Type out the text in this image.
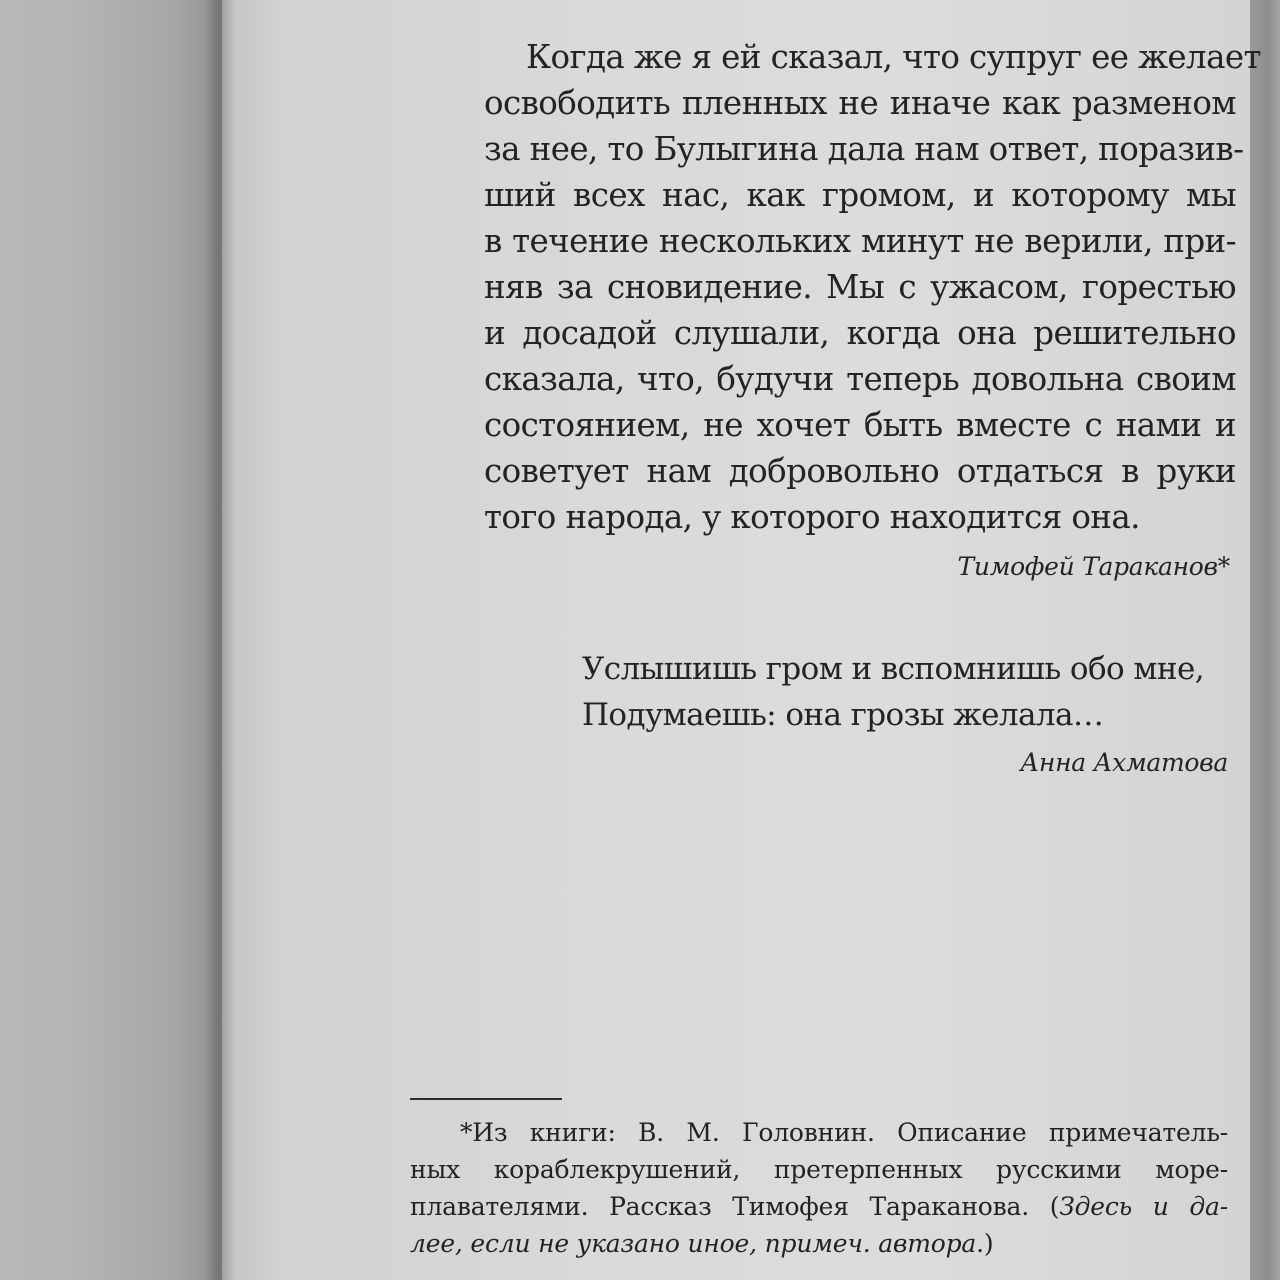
Когда же я ей сказал, что супруг ее желает
освободить пленных не иначе как разменом
за нее, то Булыгина дала нам ответ, поразив-
ший всех нас, как громом, и которому мы
в течение нескольких минут не верили, при-
няв за сновидение. Мы с ужасом, горестью
и досадой слушали, когда она решительно
сказала, что, будучи теперь довольна своим
состоянием, не хочет быть вместе с нами и
советует нам добровольно отдаться в руки
того народа, у которого находится она.
Тимофей Тараканов*
Услышишь гром и вспомнишь обо мне,
Подумаешь: она грозы желала…
Анна Ахматова
*Из книги: В. М. Головнин. Описание примечатель-
ных кораблекрушений, претерпенных русскими море-
плавателями. Рассказ Тимофея Тараканова. (Здесь и да-
лее, если не указано иное, примеч. автора.)
